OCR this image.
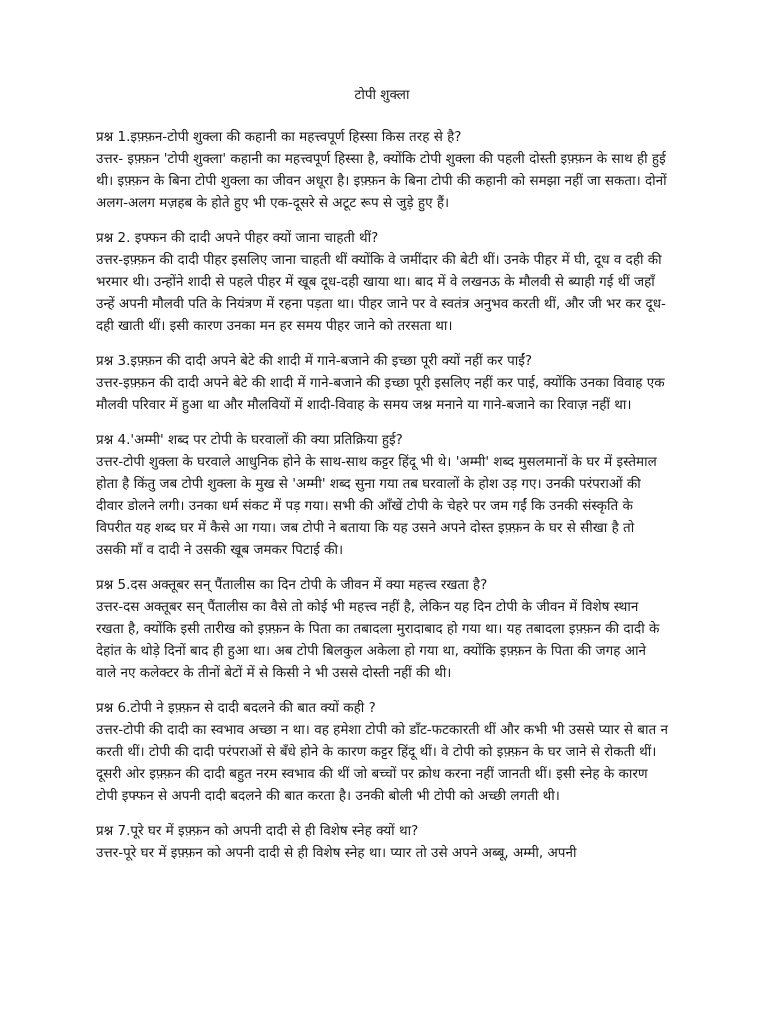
टोपी शुक्ला

प्रश्न 1.इफ़्फ़न-टोपी शुक्ला की कहानी का महत्त्वपूर्ण हिस्सा किस तरह से है?

उत्तर- इफ़्फ़न 'टोपी शुक्ला' कहानी का महत्त्वपूर्ण हिस्सा है, क्योंकि टोपी शुक्ला की पहली दोस्ती इफ़्फ़न के साथ ही हुई थी। इफ़्फ़न के बिना टोपी शुक्ला का जीवन अधूरा है। इफ़्फ़न के बिना टोपी की कहानी को समझा नहीं जा सकता। दोनों अलग-अलग मज़हब के होते हुए भी एक-दूसरे से अटूट रूप से जुड़े हुए हैं।

प्रश्न 2. इफ्फन की दादी अपने पीहर क्यों जाना चाहती थीं?

उत्तर-इफ़्फ़न की दादी पीहर इसलिए जाना चाहती थीं क्योंकि वे जमींदार की बेटी थीं। उनके पीहर में घी, दूध व दही की भरमार थी। उन्होंने शादी से पहले पीहर में खूब दूध-दही खाया था। बाद में वे लखनऊ के मौलवी से ब्याही गई थीं जहाँ उन्हें अपनी मौलवी पति के नियंत्रण में रहना पड़ता था। पीहर जाने पर वे स्वतंत्र अनुभव करती थीं, और जी भर कर दूध-दही खाती थीं। इसी कारण उनका मन हर समय पीहर जाने को तरसता था।

प्रश्न 3.इफ़्फ़न की दादी अपने बेटे की शादी में गाने-बजाने की इच्छा पूरी क्यों नहीं कर पाईं?

उत्तर-इफ़्फ़न की दादी अपने बेटे की शादी में गाने-बजाने की इच्छा पूरी इसलिए नहीं कर पाई, क्योंकि उनका विवाह एक मौलवी परिवार में हुआ था और मौलवियों में शादी-विवाह के समय जश्न मनाने या गाने-बजाने का रिवाज़ नहीं था।

प्रश्न 4.'अम्मी' शब्द पर टोपी के घरवालों की क्या प्रतिक्रिया हुई?

उत्तर-टोपी शुक्ला के घरवाले आधुनिक होने के साथ-साथ कट्टर हिंदू भी थे। 'अम्मी' शब्द मुसलमानों के घर में इस्तेमाल होता है किंतु जब टोपी शुक्ला के मुख से 'अम्मी' शब्द सुना गया तब घरवालों के होश उड़ गए। उनकी परंपराओं की दीवार डोलने लगी। उनका धर्म संकट में पड़ गया। सभी की आँखें टोपी के चेहरे पर जम गईं कि उनकी संस्कृति के विपरीत यह शब्द घर में कैसे आ गया। जब टोपी ने बताया कि यह उसने अपने दोस्त इफ़्फ़न के घर से सीखा है तो उसकी माँ व दादी ने उसकी खूब जमकर पिटाई की।

प्रश्न 5.दस अक्तूबर सन् पैंतालीस का दिन टोपी के जीवन में क्या महत्त्व रखता है?

उत्तर-दस अक्तूबर सन् पैंतालीस का वैसे तो कोई भी महत्त्व नहीं है, लेकिन यह दिन टोपी के जीवन में विशेष स्थान रखता है, क्योंकि इसी तारीख को इफ़्फ़न के पिता का तबादला मुरादाबाद हो गया था। यह तबादला इफ़्फ़न की दादी के देहांत के थोड़े दिनों बाद ही हुआ था। अब टोपी बिलकुल अकेला हो गया था, क्योंकि इफ़्फ़न के पिता की जगह आने वाले नए कलेक्टर के तीनों बेटों में से किसी ने भी उससे दोस्ती नहीं की थी।

प्रश्न 6.टोपी ने इफ़्फ़न से दादी बदलने की बात क्यों कही ?

उत्तर-टोपी की दादी का स्वभाव अच्छा न था। वह हमेशा टोपी को डाँट-फटकारती थीं और कभी भी उससे प्यार से बात न करती थीं। टोपी की दादी परंपराओं से बँधे होने के कारण कट्टर हिंदू थीं। वे टोपी को इफ़्फ़न के घर जाने से रोकती थीं। दूसरी ओर इफ़्फ़न की दादी बहुत नरम स्वभाव की थीं जो बच्चों पर क्रोध करना नहीं जानती थीं। इसी स्नेह के कारण टोपी इफ्फन से अपनी दादी बदलने की बात करता है। उनकी बोली भी टोपी को अच्छी लगती थी।

प्रश्न 7.पूरे घर में इफ़्फ़न को अपनी दादी से ही विशेष स्नेह क्यों था?

उत्तर-पूरे घर में इफ़्फ़न को अपनी दादी से ही विशेष स्नेह था। प्यार तो उसे अपने अब्बू, अम्मी, अपनी
